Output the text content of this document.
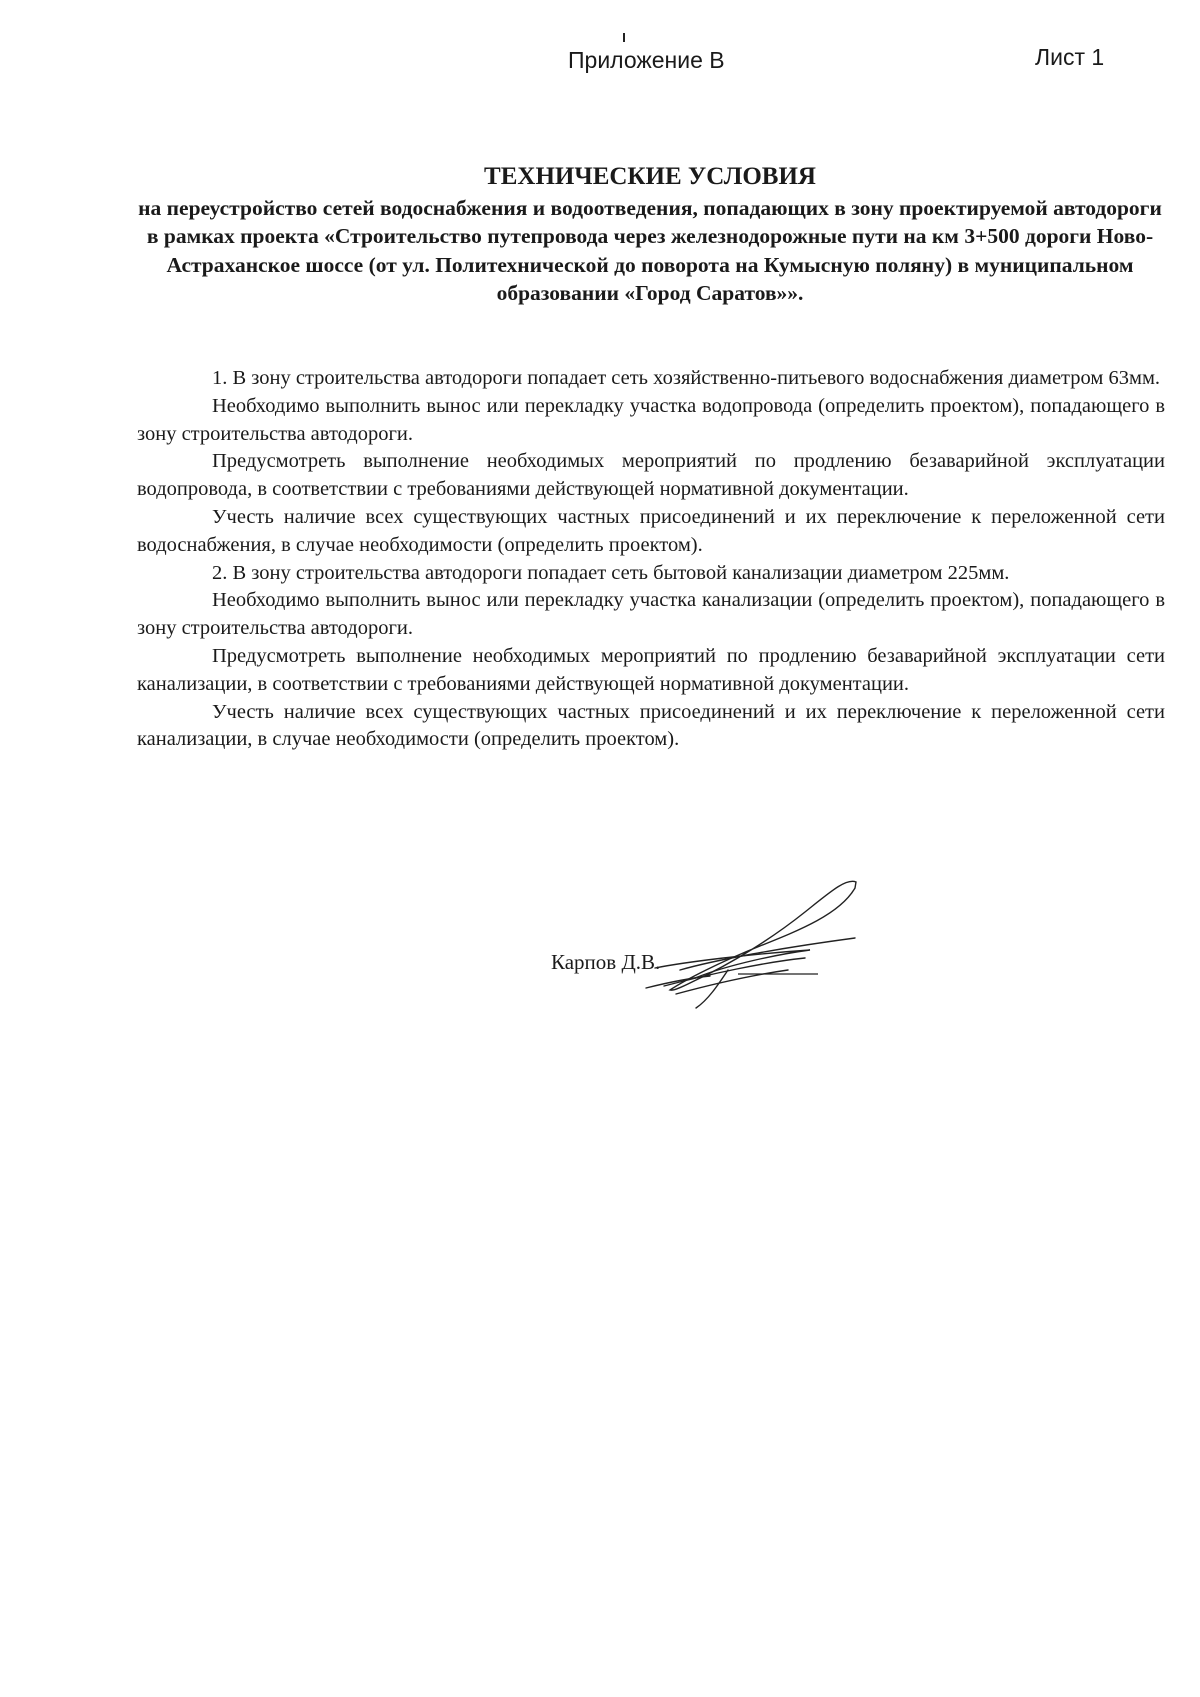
Приложение В	Лист 1
ТЕХНИЧЕСКИЕ УСЛОВИЯ
на переустройство сетей водоснабжения и водоотведения, попадающих в зону проектируемой автодороги в рамках проекта «Строительство путепровода через железнодорожные пути на км 3+500 дороги Ново-Астраханское шоссе (от ул. Политехнической до поворота на Кумысную поляну) в муниципальном образовании «Город Саратов»».

1. В зону строительства автодороги попадает сеть хозяйственно-питьевого водоснабжения диаметром 63мм.

Необходимо выполнить вынос или перекладку участка водопровода (определить проектом), попадающего в зону строительства автодороги.

Предусмотреть выполнение необходимых мероприятий по продлению безаварийной эксплуатации водопровода, в соответствии с требованиями действующей нормативной документации.

Учесть наличие всех существующих частных присоединений и их переключение к переложенной сети водоснабжения, в случае необходимости (определить проектом).

2. В зону строительства автодороги попадает сеть бытовой канализации диаметром 225мм.

Необходимо выполнить вынос или перекладку участка канализации (определить проектом), попадающего в зону строительства автодороги.

Предусмотреть выполнение необходимых мероприятий по продлению безаварийной эксплуатации сети канализации, в соответствии с требованиями действующей нормативной документации.

Учесть наличие всех существующих частных присоединений и их переключение к переложенной сети канализации, в случае необходимости (определить проектом).

Карпов Д.В.
